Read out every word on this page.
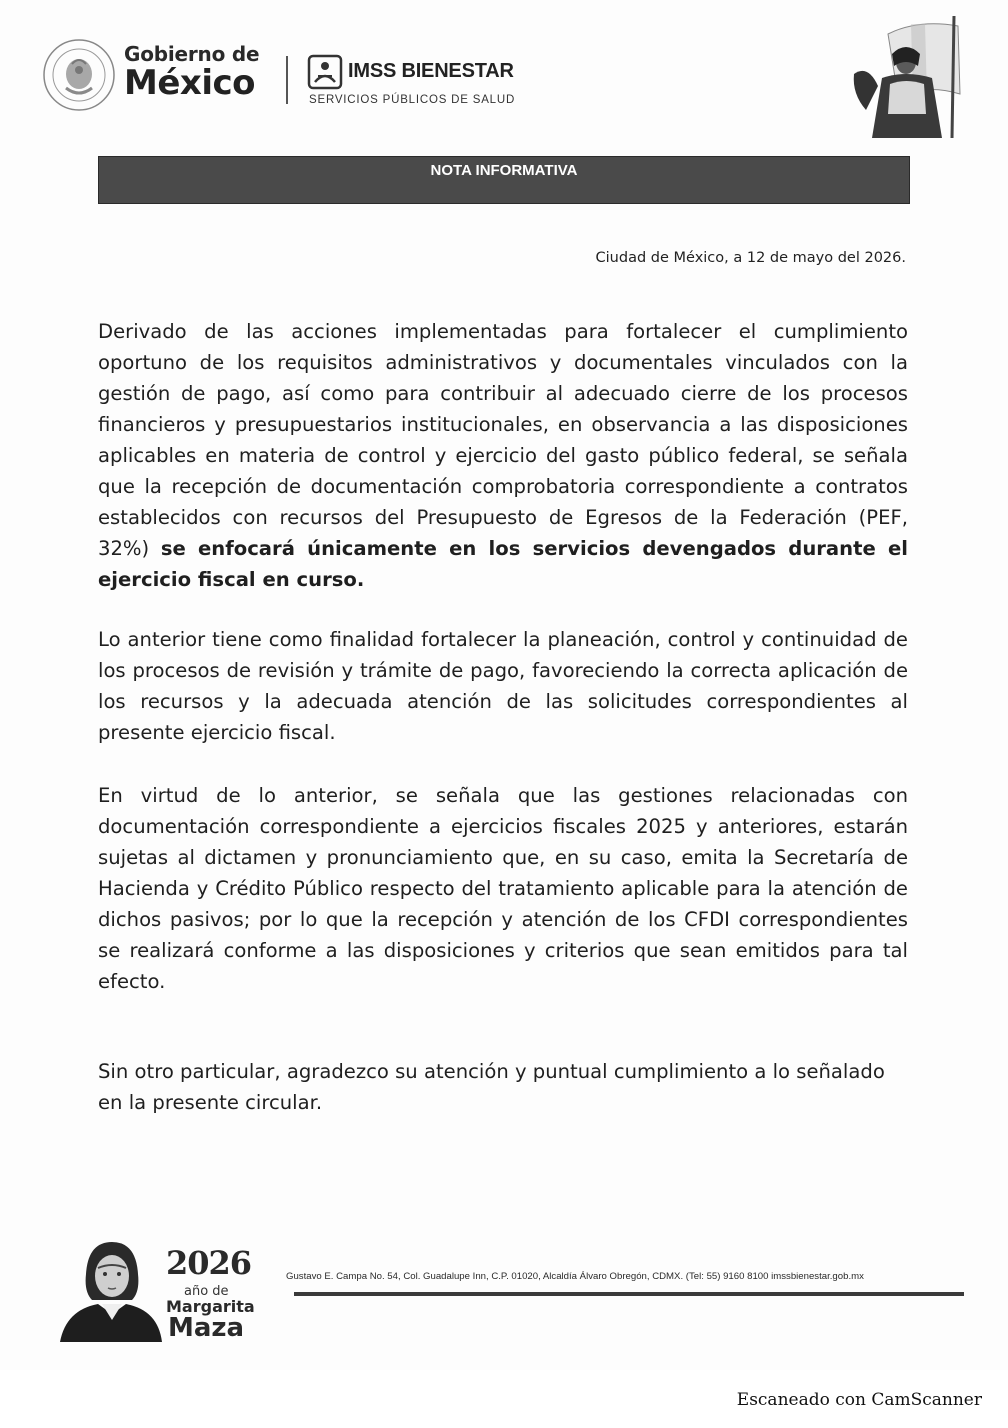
Gobierno de
México	IMSS BIENESTAR
SERVICIOS PÚBLICOS DE SALUD
NOTA INFORMATIVA
Ciudad de México, a 12 de mayo del 2026.
Derivado de las acciones implementadas para fortalecer el cumplimiento oportuno de los requisitos administrativos y documentales vinculados con la gestión de pago, así como para contribuir al adecuado cierre de los procesos financieros y presupuestarios institucionales, en observancia a las disposiciones aplicables en materia de control y ejercicio del gasto público federal, se señala que la recepción de documentación comprobatoria correspondiente a contratos establecidos con recursos del Presupuesto de Egresos de la Federación (PEF, 32%) se enfocará únicamente en los servicios devengados durante el ejercicio fiscal en curso.
Lo anterior tiene como finalidad fortalecer la planeación, control y continuidad de los procesos de revisión y trámite de pago, favoreciendo la correcta aplicación de los recursos y la adecuada atención de las solicitudes correspondientes al presente ejercicio fiscal.
En virtud de lo anterior, se señala que las gestiones relacionadas con documentación correspondiente a ejercicios fiscales 2025 y anteriores, estarán sujetas al dictamen y pronunciamiento que, en su caso, emita la Secretaría de Hacienda y Crédito Público respecto del tratamiento aplicable para la atención de dichos pasivos; por lo que la recepción y atención de los CFDI correspondientes se realizará conforme a las disposiciones y criterios que sean emitidos para tal efecto.
Sin otro particular, agradezco su atención y puntual cumplimiento a lo señalado en la presente circular.
2026
año de
Margarita
Maza
Gustavo E. Campa No. 54, Col. Guadalupe Inn, C.P. 01020, Alcaldía Álvaro Obregón, CDMX. (Tel: 55) 9160 8100 imssbienestar.gob.mx
Escaneado con CamScanner
